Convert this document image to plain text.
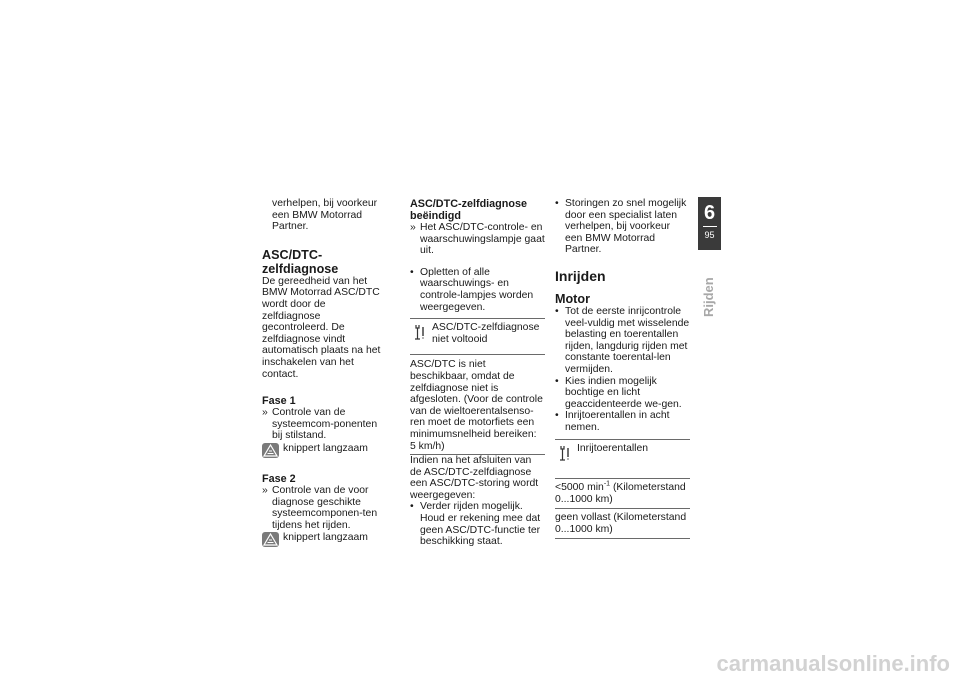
verhelpen, bij voorkeur een BMW Motorrad Partner.

ASC/DTC-zelfdiagnose

De gereedheid van het BMW Motorrad ASC/DTC wordt door de zelfdiagnose gecontroleerd. De zelfdiagnose vindt automatisch plaats na het inschakelen van het contact.

Fase 1
» Controle van de systeemcom-ponenten bij stilstand.
knippert langzaam
Fase 2
» Controle van de voor diagnose geschikte systeemcomponen-ten tijdens het rijden.
knippert langzaam
ASC/DTC-zelfdiagnose beëindigd
» Het ASC/DTC-controle- en waarschuwingslampje gaat uit.
• Opletten of alle waarschuwings- en controle-lampjes worden weergegeven.
ASC/DTC-zelfdiagnose niet voltooid
ASC/DTC is niet beschikbaar, omdat de zelfdiagnose niet is afgesloten. (Voor de controle van de wieltoerentalsenso-ren moet de motorfiets een minimumsnelheid bereiken: 5 km/h)

Indien na het afsluiten van de ASC/DTC-zelfdiagnose een ASC/DTC-storing wordt weergegeven:

• Verder rijden mogelijk. Houd er rekening mee dat geen ASC/DTC-functie ter beschikking staat.
• Storingen zo snel mogelijk door een specialist laten verhelpen, bij voorkeur een BMW Motorrad Partner.
Inrijden
Motor
• Tot de eerste inrijcontrole veel-vuldig met wisselende belasting en toerentallen rijden, langdurig rijden met constante toerental-len vermijden.
• Kies indien mogelijk bochtige en licht geaccidenteerde we-gen.
• Inrijtoerentallen in acht nemen.
Inrijtoerentallen
<5000 $\min^{-1}$ (Kilometerstand 0...1000 km)
geen vollast (Kilometerstand 0...1000 km)
6
95
Rijden
carmanualsonline.info
